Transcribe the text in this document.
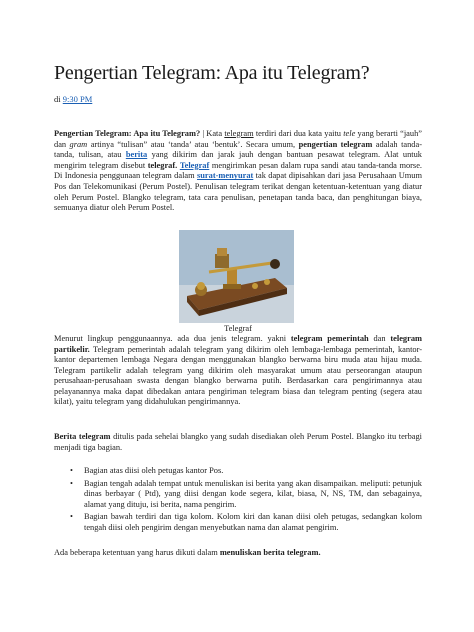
Pengertian Telegram: Apa itu Telegram?
di 9:30 PM

Pengertian Telegram: Apa itu Telegram? | Kata telegram terdiri dari dua kata yaitu tele yang berarti “jauh” dan gram artinya “tulisan” atau ‘tanda’ atau ‘bentuk’. Secara umum, pengertian telegram adalah tanda-tanda, tulisan, atau berita yang dikirim dan jarak jauh dengan bantuan pesawat telegram. Alat untuk mengirim telegram disebut telegraf. Telegraf mengirimkan pesan dalam rupa sandi atau tanda-tanda morse. Di Indonesia penggunaan telegram dalam surat-menyurat tak dapat dipisahkan dari jasa Perusahaan Umum Pos dan Telekomunikasi (Perum Postel). Penulisan telegram terikat dengan ketentuan-ketentuan yang diatur oleh Perum Postel. Blangko telegram, tata cara penulisan, penetapan tanda baca, dan penghitungan biaya, semuanya diatur oleh Perum Postel.

Telegraf
Menurut lingkup penggunaannya. ada dua jenis telegram. yakni telegram pemerintah dan telegram partikelir. Telegram pemerintah adalah telegram yang dikirim oleh lembaga-lembaga pemerintah, kantor-kantor departemen lembaga Negara dengan menggunakan blangko berwarna biru muda atau hijau muda. Telegram partikelir adalah telegram yang dikirim oleh masyarakat umum atau perseorangan ataupun perusahaan-perusahaan swasta dengan blangko berwarna putih. Berdasarkan cara pengirimannya atau pelayanannya maka dapat dibedakan antara pengiriman telegram biasa dan telegram penting (segera atau kilat), yaitu telegram yang didahulukan pengirimannya.
Berita telegram ditulis pada sehelai blangko yang sudah disediakan oleh Perum Postel. Blangko itu terbagi menjadi tiga bagian.
• Bagian atas diisi oleh petugas kantor Pos.
• Bagian tengah adalah tempat untuk menuliskan isi berita yang akan disampaikan. meliputi: petunjuk dinas berbayar ( Ptd), yang diisi dengan kode segera, kilat, biasa, N, NS, TM, dan sebagainya, alamat yang dituju, isi berita, nama pengirim.
• Bagian bawah terdiri dan tiga kolom. Kolom kiri dan kanan diisi oleh petugas, sedangkan kolom tengah diisi oleh pengirim dengan menyebutkan nama dan alamat pengirim.
Ada beberapa ketentuan yang harus dikuti dalam menuliskan berita telegram.
